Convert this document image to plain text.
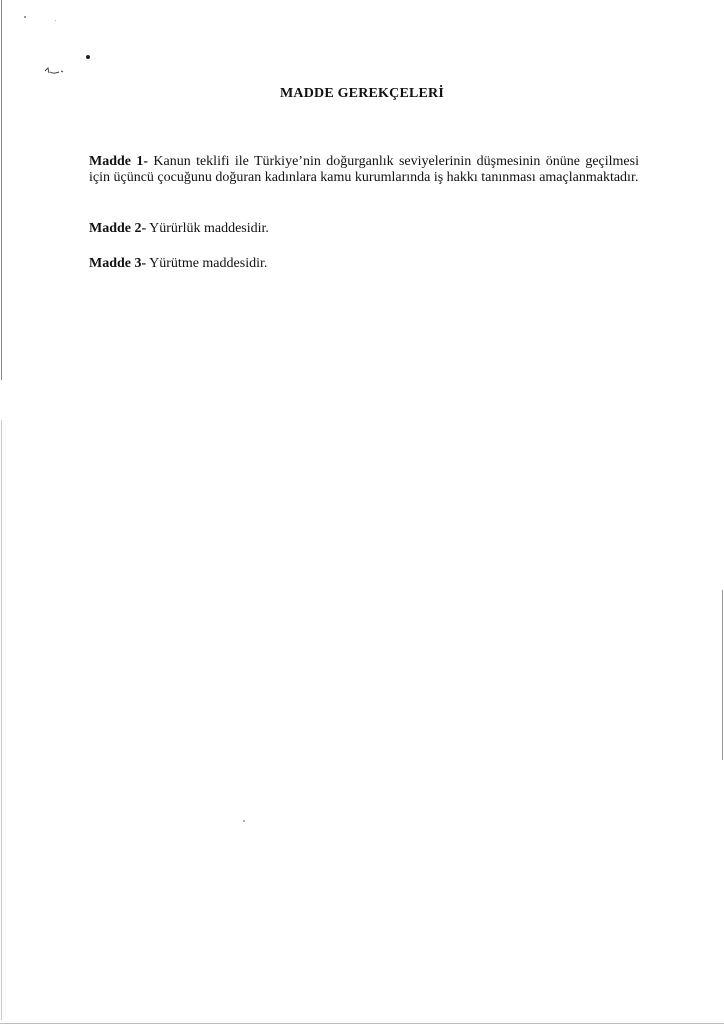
MADDE GEREKÇELERİ
Madde 1- Kanun teklifi ile Türkiye’nin doğurganlık seviyelerinin düşmesinin önüne geçilmesi için üçüncü çocuğunu doğuran kadınlara kamu kurumlarında iş hakkı tanınması amaçlanmaktadır.
Madde 2- Yürürlük maddesidir.
Madde 3- Yürütme maddesidir.
